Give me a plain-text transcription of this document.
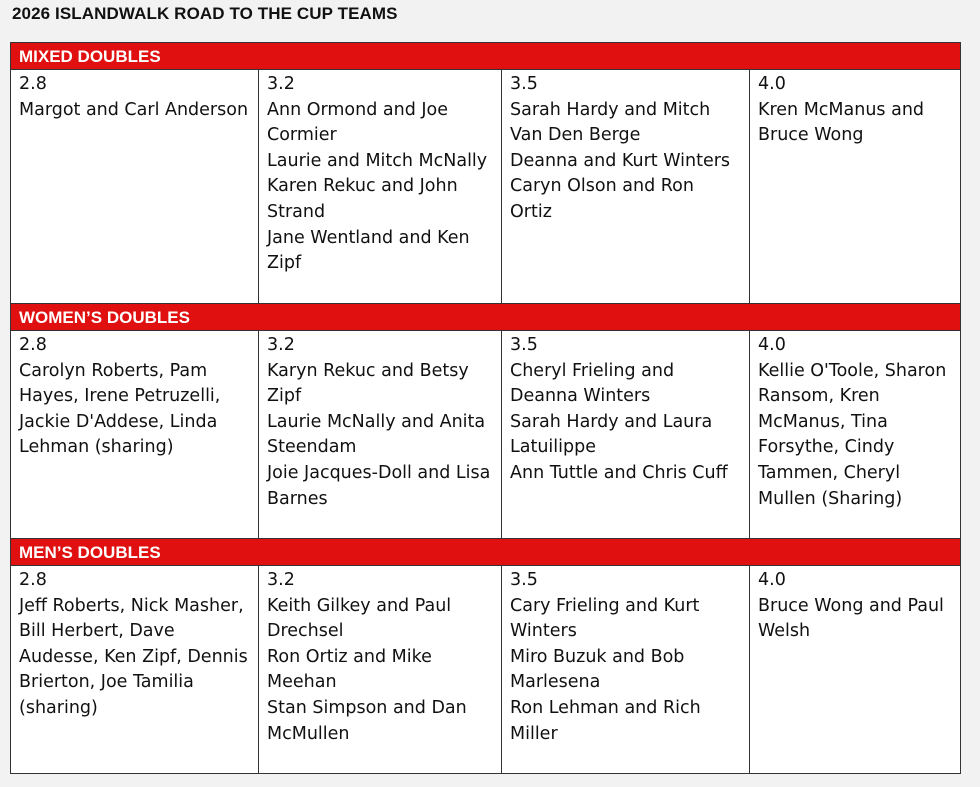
2026 ISLANDWALK ROAD TO THE CUP TEAMS
MIXED DOUBLES			

2.8
Margot and Carl Anderson	3.2
Ann Ormond and Joe Cormier
Laurie and Mitch McNally
Karen Rekuc and John Strand
Jane Wentland and Ken Zipf	3.5
Sarah Hardy and Mitch Van Den Berge
Deanna and Kurt Winters
Caryn Olson and Ron Ortiz	4.0
Kren McManus and Bruce Wong

WOMEN’S DOUBLES			

2.8
Carolyn Roberts, Pam Hayes, Irene Petruzelli, Jackie D'Addese, Linda Lehman (sharing)	3.2
Karyn Rekuc and Betsy Zipf
Laurie McNally and Anita Steendam
Joie Jacques-Doll and Lisa Barnes	3.5
Cheryl Frieling and Deanna Winters
Sarah Hardy and Laura Latuilippe
Ann Tuttle and Chris Cuff	4.0
Kellie O'Toole, Sharon Ransom, Kren McManus, Tina Forsythe, Cindy Tammen, Cheryl Mullen (Sharing)

MEN’S DOUBLES			

2.8
Jeff Roberts, Nick Masher, Bill Herbert, Dave Audesse, Ken Zipf, Dennis Brierton, Joe Tamilia (sharing)	3.2
Keith Gilkey and Paul Drechsel
Ron Ortiz and Mike Meehan
Stan Simpson and Dan McMullen	3.5
Cary Frieling and Kurt Winters
Miro Buzuk and Bob Marlesena
Ron Lehman and Rich Miller	4.0
Bruce Wong and Paul Welsh
